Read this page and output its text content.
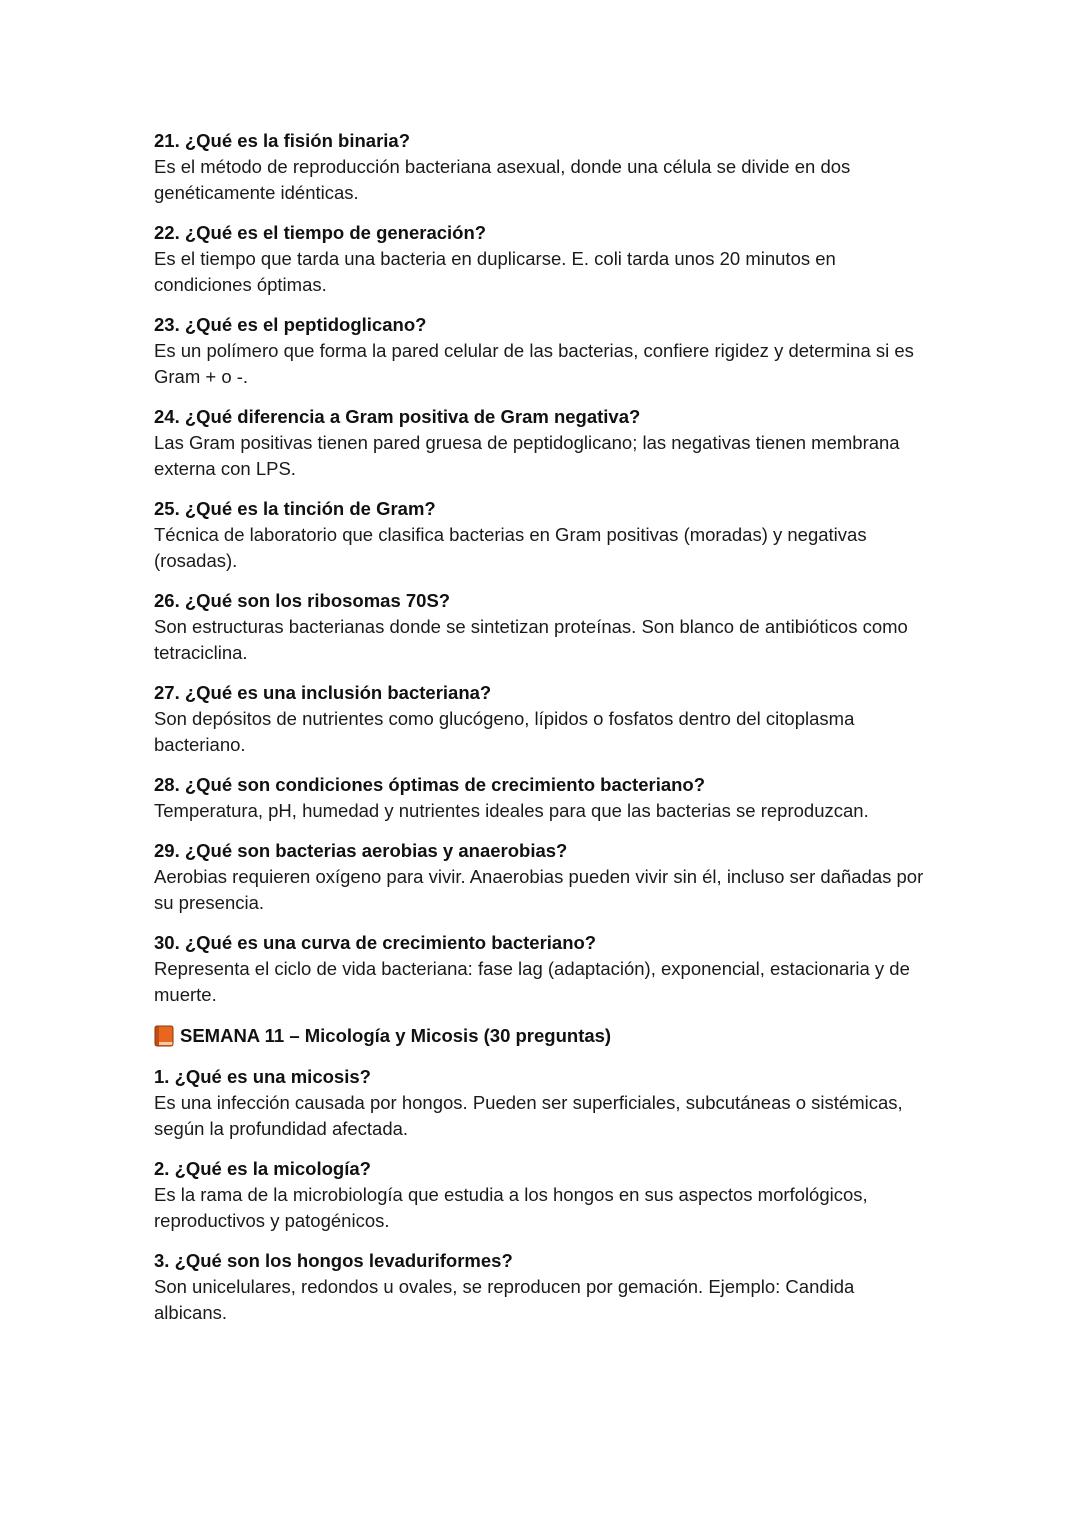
21. ¿Qué es la fisión binaria?

Es el método de reproducción bacteriana asexual, donde una célula se divide en dos genéticamente idénticas.

22. ¿Qué es el tiempo de generación?

Es el tiempo que tarda una bacteria en duplicarse. E. coli tarda unos 20 minutos en condiciones óptimas.

23. ¿Qué es el peptidoglicano?

Es un polímero que forma la pared celular de las bacterias, confiere rigidez y determina si es Gram + o -.

24. ¿Qué diferencia a Gram positiva de Gram negativa?

Las Gram positivas tienen pared gruesa de peptidoglicano; las negativas tienen membrana externa con LPS.

25. ¿Qué es la tinción de Gram?

Técnica de laboratorio que clasifica bacterias en Gram positivas (moradas) y negativas (rosadas).

26. ¿Qué son los ribosomas 70S?

Son estructuras bacterianas donde se sintetizan proteínas. Son blanco de antibióticos como tetraciclina.

27. ¿Qué es una inclusión bacteriana?

Son depósitos de nutrientes como glucógeno, lípidos o fosfatos dentro del citoplasma bacteriano.

28. ¿Qué son condiciones óptimas de crecimiento bacteriano?

Temperatura, pH, humedad y nutrientes ideales para que las bacterias se reproduzcan.

29. ¿Qué son bacterias aerobias y anaerobias?

Aerobias requieren oxígeno para vivir. Anaerobias pueden vivir sin él, incluso ser dañadas por su presencia.

30. ¿Qué es una curva de crecimiento bacteriano?

Representa el ciclo de vida bacteriana: fase lag (adaptación), exponencial, estacionaria y de muerte.

SEMANA 11 – Micología y Micosis (30 preguntas)

1. ¿Qué es una micosis?

Es una infección causada por hongos. Pueden ser superficiales, subcutáneas o sistémicas, según la profundidad afectada.

2. ¿Qué es la micología?

Es la rama de la microbiología que estudia a los hongos en sus aspectos morfológicos, reproductivos y patogénicos.

3. ¿Qué son los hongos levaduriformes?

Son unicelulares, redondos u ovales, se reproducen por gemación. Ejemplo: Candida albicans.
